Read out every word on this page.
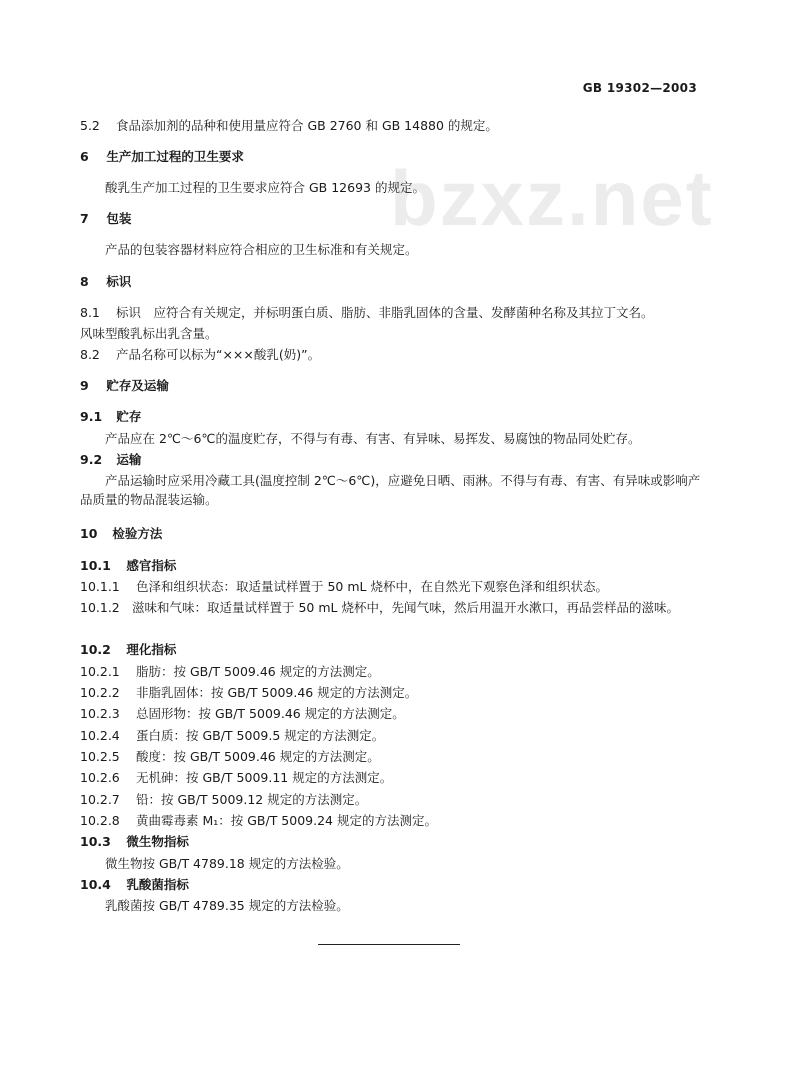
GB 19302—2003
bzxz.net
5.2 食品添加剂的品种和使用量应符合 GB 2760 和 GB 14880 的规定。
6 生产加工过程的卫生要求
酸乳生产加工过程的卫生要求应符合 GB 12693 的规定。
7 包装
产品的包装容器材料应符合相应的卫生标准和有关规定。
8 标识
8.1 标识　应符合有关规定，并标明蛋白质、脂肪、非脂乳固体的含量、发酵菌种名称及其拉丁文名。
风味型酸乳标出乳含量。
8.2 产品名称可以标为“×××酸乳(奶)”。
9 贮存及运输
9.1 贮存
产品应在 2℃～6℃的温度贮存，不得与有毒、有害、有异味、易挥发、易腐蚀的物品同处贮存。
9.2 运输
产品运输时应采用冷藏工具(温度控制 2℃～6℃)，应避免日晒、雨淋。不得与有毒、有害、有异味或影响产品质量的物品混装运输。
10 检验方法
10.1 感官指标
10.1.1 色泽和组织状态：取适量试样置于 50 mL 烧杯中，在自然光下观察色泽和组织状态。
10.1.2 滋味和气味：取适量试样置于 50 mL 烧杯中，先闻气味，然后用温开水漱口，再品尝样品的滋味。
10.2 理化指标
10.2.1 脂肪：按 GB/T 5009.46 规定的方法测定。
10.2.2 非脂乳固体：按 GB/T 5009.46 规定的方法测定。
10.2.3 总固形物：按 GB/T 5009.46 规定的方法测定。
10.2.4 蛋白质：按 GB/T 5009.5 规定的方法测定。
10.2.5 酸度：按 GB/T 5009.46 规定的方法测定。
10.2.6 无机砷：按 GB/T 5009.11 规定的方法测定。
10.2.7 铅：按 GB/T 5009.12 规定的方法测定。
10.2.8 黄曲霉毒素 M₁：按 GB/T 5009.24 规定的方法测定。
10.3 微生物指标
微生物按 GB/T 4789.18 规定的方法检验。
10.4 乳酸菌指标
乳酸菌按 GB/T 4789.35 规定的方法检验。
